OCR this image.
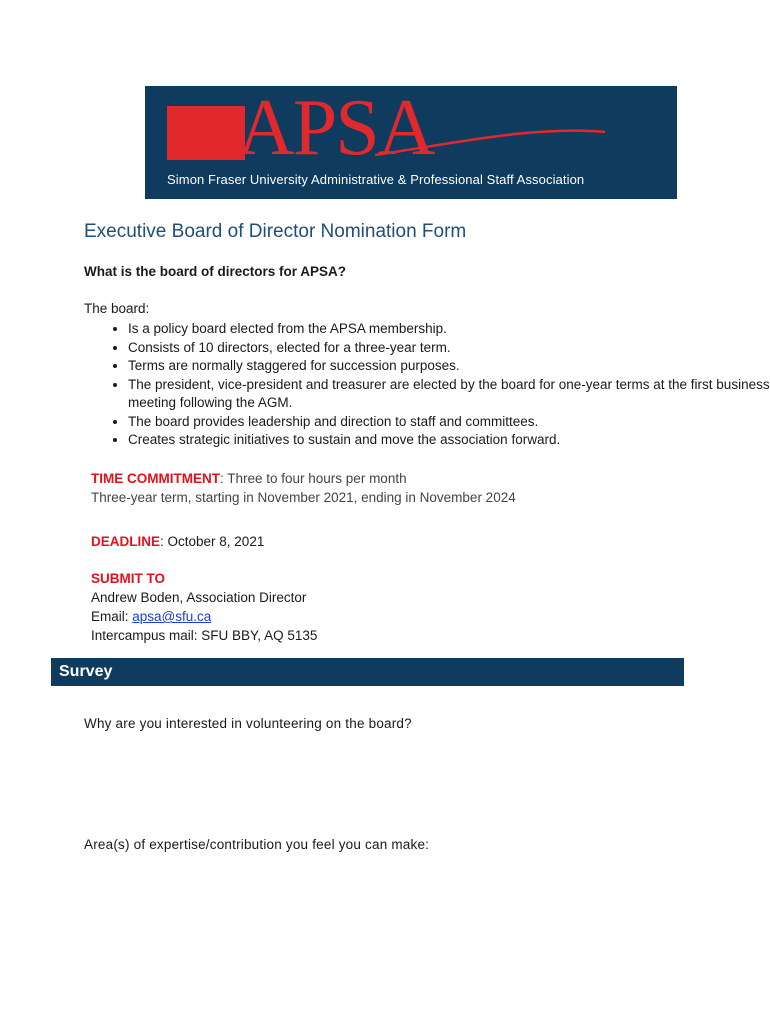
APSA
Simon Fraser University Administrative & Professional Staff Association
Executive Board of Director Nomination Form
What is the board of directors for APSA?
The board:
• Is a policy board elected from the APSA membership.
• Consists of 10 directors, elected for a three-year term.
• Terms are normally staggered for succession purposes.
• The president, vice-president and treasurer are elected by the board for one-year terms at the first business meeting following the AGM.
• The board provides leadership and direction to staff and committees.
• Creates strategic initiatives to sustain and move the association forward.
TIME COMMITMENT: Three to four hours per month
Three-year term, starting in November 2021, ending in November 2024
DEADLINE: October 8, 2021
SUBMIT TO
Andrew Boden, Association Director
Email: apsa@sfu.ca
Intercampus mail: SFU BBY, AQ 5135
Survey
Why are you interested in volunteering on the board?
Area(s) of expertise/contribution you feel you can make:
